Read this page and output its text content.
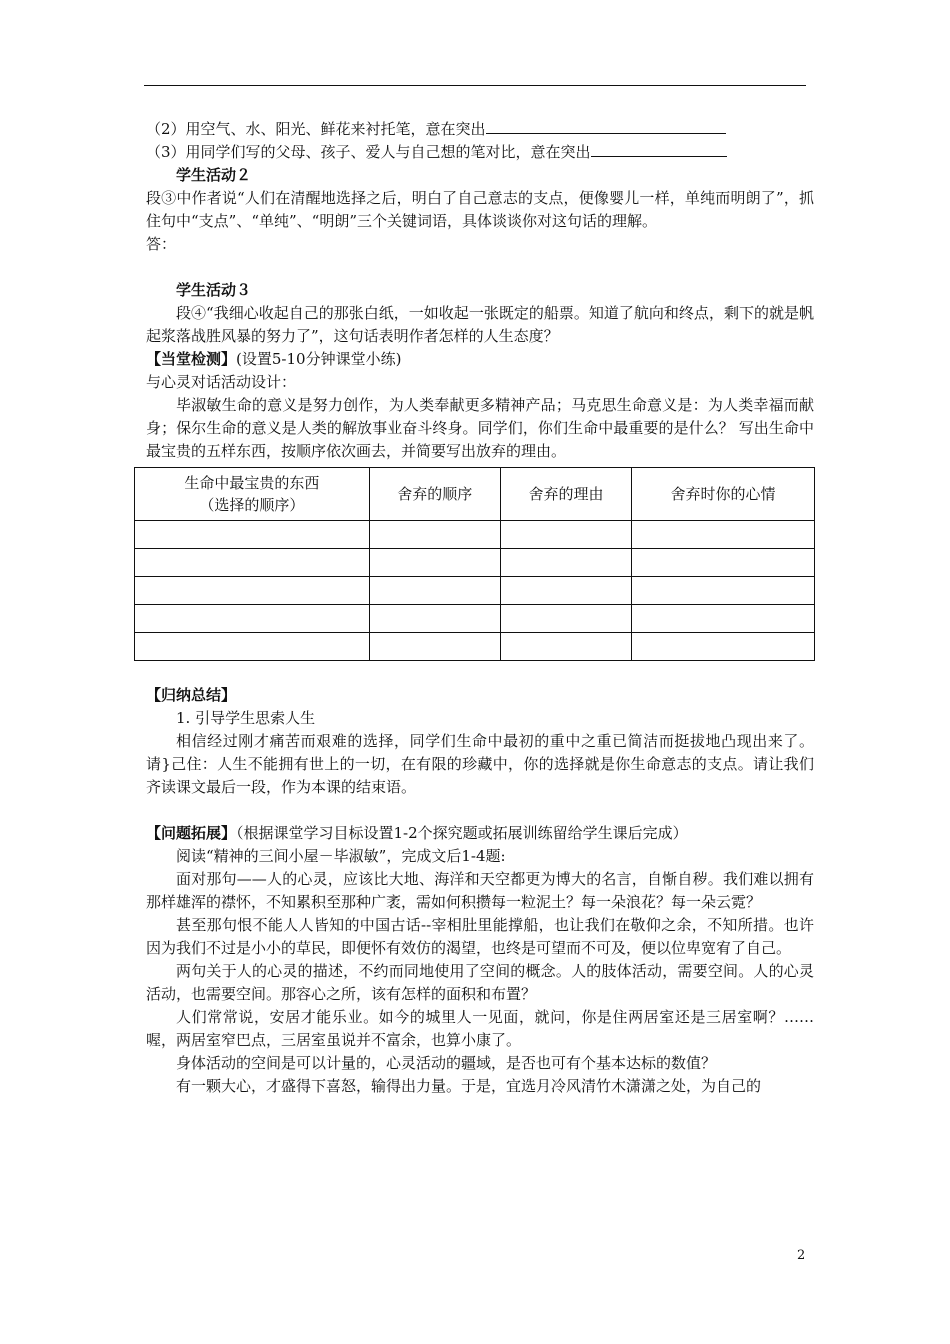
（2）用空气、水、阳光、鲜花来衬托笔，意在突出

（3）用同学们写的父母、孩子、爱人与自己想的笔对比，意在突出

学生活动２

段③中作者说“人们在清醒地选择之后，明白了自己意志的支点，便像婴儿一样，单纯而明朗了”，抓住句中“支点”、“单纯”、“明朗”三个关键词语，具体谈谈你对这句话的理解。

答：

学生活动３

段④“我细心收起自己的那张白纸，一如收起一张既定的船票。知道了航向和终点，剩下的就是帆起浆落战胜风暴的努力了”，这句话表明作者怎样的人生态度？

【当堂检测】(设置5-10分钟课堂小练)

与心灵对话活动设计：

毕淑敏生命的意义是努力创作，为人类奉献更多精神产品；马克思生命意义是：为人类幸福而献身；保尔生命的意义是人类的解放事业奋斗终身。同学们，你们生命中最重要的是什么？ 写出生命中最宝贵的五样东西，按顺序依次画去，并简要写出放弃的理由。

生命中最宝贵的东西
（选择的顺序）	舍弃的顺序	舍弃的理由	舍弃时你的心情

【归纳总结】

1. 引导学生思索人生

相信经过刚才痛苦而艰难的选择，同学们生命中最初的重中之重已简洁而挺拔地凸现出来了。请}己住：人生不能拥有世上的一切，在有限的珍藏中，你的选择就是你生命意志的支点。请让我们齐读课文最后一段，作为本课的结束语。

【问题拓展】（根据课堂学习目标设置1-2个探究题或拓展训练留给学生课后完成）

阅读“精神的三间小屋－毕淑敏”，完成文后1-4题:

面对那句——人的心灵，应该比大地、海洋和天空都更为博大的名言，自惭自秽。我们难以拥有那样雄浑的襟怀，不知累积至那种广袤，需如何积攒每一粒泥土？每一朵浪花？每一朵云霓？

甚至那句恨不能人人皆知的中国古话--宰相肚里能撑船，也让我们在敬仰之余，不知所措。也许因为我们不过是小小的草民，即便怀有效仿的渴望，也终是可望而不可及，便以位卑宽宥了自己。

两句关于人的心灵的描述，不约而同地使用了空间的概念。人的肢体活动，需要空间。人的心灵活动，也需要空间。那容心之所，该有怎样的面积和布置？

人们常常说，安居才能乐业。如今的城里人一见面，就问，你是住两居室还是三居室啊？……喔，两居室窄巴点，三居室虽说并不富余，也算小康了。

身体活动的空间是可以计量的，心灵活动的疆域，是否也可有个基本达标的数值？

有一颗大心，才盛得下喜怒，输得出力量。于是，宜选月冷风清竹木潇潇之处，为自己的

2
